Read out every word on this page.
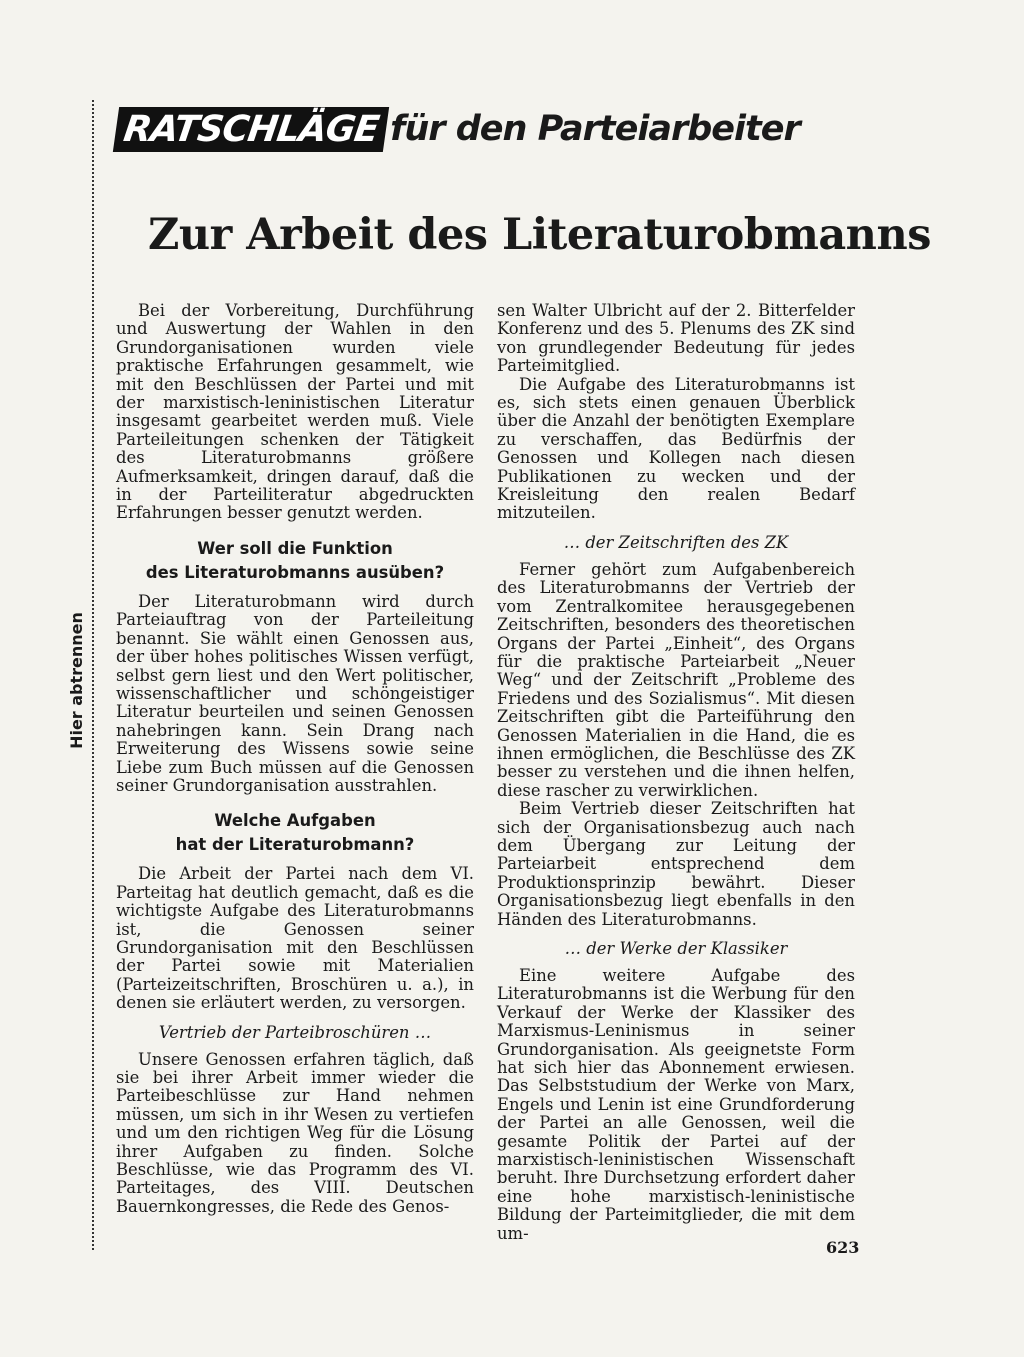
Hier abtrennen
RATSCHLÄGE für den Parteiarbeiter
Zur Arbeit des Literaturobmanns

Bei der Vorbereitung, Durchführung und Auswertung der Wahlen in den Grundorganisationen wurden viele praktische Erfahrungen gesammelt, wie mit den Beschlüssen der Partei und mit der marxistisch-leninistischen Literatur insgesamt gearbeitet werden muß. Viele Parteileitungen schenken der Tätigkeit des Literaturobmanns größere Aufmerksamkeit, dringen darauf, daß die in der Parteiliteratur abgedruckten Erfahrungen besser genutzt werden.

Wer soll die Funktion
des Literaturobmanns ausüben?

Der Literaturobmann wird durch Parteiauftrag von der Parteileitung benannt. Sie wählt einen Genossen aus, der über hohes politisches Wissen verfügt, selbst gern liest und den Wert politischer, wissenschaftlicher und schöngeistiger Literatur beurteilen und seinen Genossen nahebringen kann. Sein Drang nach Erweiterung des Wissens sowie seine Liebe zum Buch müssen auf die Genossen seiner Grundorganisation ausstrahlen.

Welche Aufgaben
hat der Literaturobmann?

Die Arbeit der Partei nach dem VI. Parteitag hat deutlich gemacht, daß es die wichtigste Aufgabe des Literaturobmanns ist, die Genossen seiner Grundorganisation mit den Beschlüssen der Partei sowie mit Materialien (Parteizeitschriften, Broschüren u. a.), in denen sie erläutert werden, zu versorgen.

Vertrieb der Parteibroschüren …

Unsere Genossen erfahren täglich, daß sie bei ihrer Arbeit immer wieder die Parteibeschlüsse zur Hand nehmen müssen, um sich in ihr Wesen zu vertiefen und um den richtigen Weg für die Lösung ihrer Aufgaben zu finden. Solche Beschlüsse, wie das Programm des VI. Parteitages, des VIII. Deutschen Bauernkongresses, die Rede des Genos-

sen Walter Ulbricht auf der 2. Bitterfelder Konferenz und des 5. Plenums des ZK sind von grundlegender Bedeutung für jedes Parteimitglied.

Die Aufgabe des Literaturobmanns ist es, sich stets einen genauen Überblick über die Anzahl der benötigten Exemplare zu verschaffen, das Bedürfnis der Genossen und Kollegen nach diesen Publikationen zu wecken und der Kreisleitung den realen Bedarf mitzuteilen.

… der Zeitschriften des ZK

Ferner gehört zum Aufgabenbereich des Literaturobmanns der Vertrieb der vom Zentralkomitee herausgegebenen Zeitschriften, besonders des theoretischen Organs der Partei „Einheit“, des Organs für die praktische Parteiarbeit „Neuer Weg“ und der Zeitschrift „Probleme des Friedens und des Sozialismus“. Mit diesen Zeitschriften gibt die Parteiführung den Genossen Materialien in die Hand, die es ihnen ermöglichen, die Beschlüsse des ZK besser zu verstehen und die ihnen helfen, diese rascher zu verwirklichen.

Beim Vertrieb dieser Zeitschriften hat sich der Organisationsbezug auch nach dem Übergang zur Leitung der Parteiarbeit entsprechend dem Produktionsprinzip bewährt. Dieser Organisationsbezug liegt ebenfalls in den Händen des Literaturobmanns.

… der Werke der Klassiker

Eine weitere Aufgabe des Literaturobmanns ist die Werbung für den Verkauf der Werke der Klassiker des Marxismus-Leninismus in seiner Grundorganisation. Als geeignetste Form hat sich hier das Abonnement erwiesen. Das Selbststudium der Werke von Marx, Engels und Lenin ist eine Grundforderung der Partei an alle Genossen, weil die gesamte Politik der Partei auf der marxistisch-leninistischen Wissenschaft beruht. Ihre Durchsetzung erfordert daher eine hohe marxistisch-leninistische Bildung der Parteimitglieder, die mit dem um-

623
